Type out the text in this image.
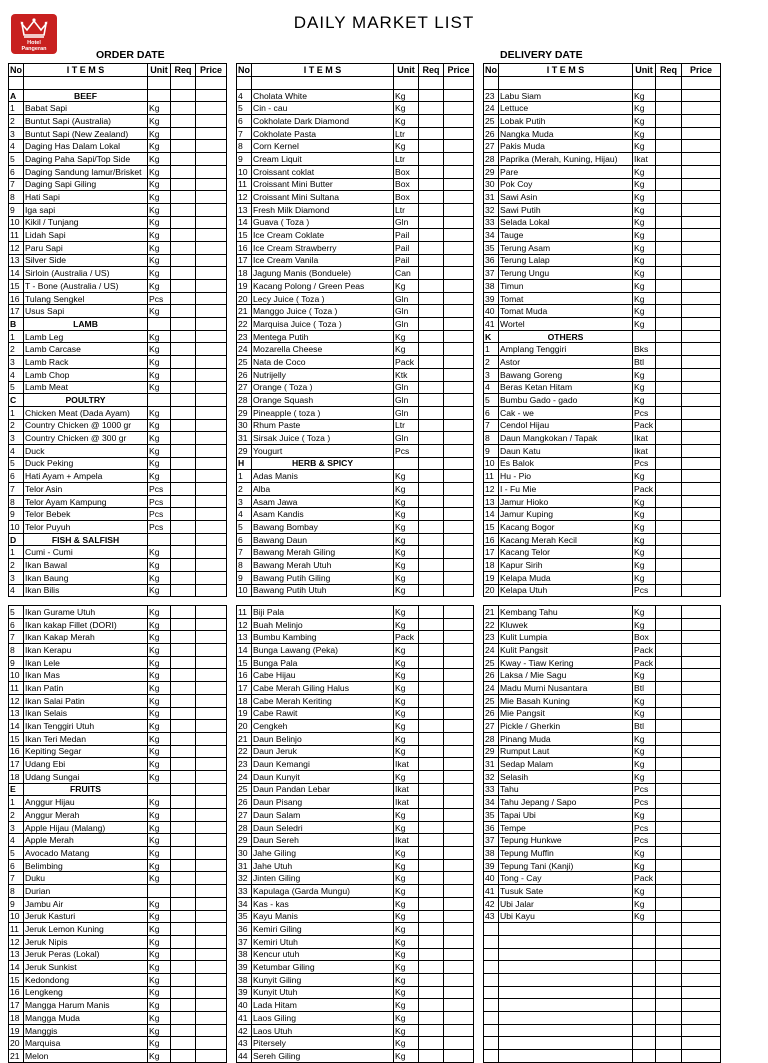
Hotel
Pangeran
DAILY MARKET LIST
ORDER DATE	DELIVERY DATE
No	I T E M S	Unit	Req	Price

A	BEEF			
1	Babat Sapi	Kg		
2	Buntut Sapi (Australia)	Kg		
3	Buntut Sapi (New Zealand)	Kg		
4	Daging Has Dalam Lokal	Kg		
5	Daging Paha Sapi/Top Side	Kg		
6	Daging Sandung lamur/Brisket	Kg		
7	Daging Sapi Giling	Kg		
8	Hati Sapi	Kg		
9	Iga sapi	Kg		
10	Kikil / Tunjang	Kg		
11	Lidah Sapi	Kg		
12	Paru Sapi	Kg		
13	Silver Side	Kg		
14	Sirloin (Australia / US)	Kg		
15	T - Bone (Australia / US)	Kg		
16	Tulang Sengkel	Pcs		
17	Usus Sapi	Kg		
B	LAMB			
1	Lamb Leg	Kg		
2	Lamb Carcase	Kg		
3	Lamb Rack	Kg		
4	Lamb Chop	Kg		
5	Lamb Meat	Kg		
C	POULTRY			
1	Chicken Meat (Dada Ayam)	Kg		
2	Country Chicken @ 1000 gr	Kg		
3	Country Chicken @ 300 gr	Kg		
4	Duck	Kg		
5	Duck Peking	Kg		
6	Hati Ayam + Ampela	Kg		
7	Telor Asin	Pcs		
8	Telor Ayam Kampung	Pcs		
9	Telor Bebek	Pcs		
10	Telor Puyuh	Pcs		
D	FISH & SALFISH			
1	Cumi - Cumi	Kg		
2	Ikan Bawal	Kg		
3	Ikan Baung	Kg		
4	Ikan Bilis	Kg		
No	I T E M S	Unit	Req	Price

4	Cholata White	Kg		
5	Cin - cau	Kg		
6	Cokholate Dark Diamond	Kg		
7	Cokholate Pasta	Ltr		
8	Corn Kernel	Kg		
9	Cream Liquit	Ltr		
10	Croissant coklat	Box		
11	Croissant Mini Butter	Box		
12	Croissant Mini Sultana	Box		
13	Fresh Milk Diamond	Ltr		
14	Guava ( Toza )	Gln		
15	Ice Cream Coklate	Pail		
16	Ice Cream Strawberry	Pail		
17	Ice Cream Vanila	Pail		
18	Jagung Manis (Bonduele)	Can		
19	Kacang Polong / Green Peas	Kg		
20	Lecy Juice ( Toza )	Gln		
21	Manggo Juice ( Toza )	Gln		
22	Marquisa Juice ( Toza )	Gln		
23	Mentega Putih	Kg		
24	Mozarella Cheese	Kg		
25	Nata de Coco	Pack		
26	Nutrijelly	Ktk		
27	Orange ( Toza )	Gln		
28	Orange Squash	Gln		
29	Pineapple ( toza )	Gln		
30	Rhum Paste	Ltr		
31	Sirsak Juice ( Toza )	Gln		
29	Yougurt	Pcs		
H	HERB & SPICY			
1	Adas Manis	Kg		
2	Alba	Kg		
3	Asam Jawa	Kg		
4	Asam Kandis	Kg		
5	Bawang Bombay	Kg		
6	Bawang Daun	Kg		
7	Bawang Merah Giling	Kg		
8	Bawang Merah Utuh	Kg		
9	Bawang Putih Giling	Kg		
10	Bawang Putih Utuh	Kg		
No	I T E M S	Unit	Req	Price

23	Labu Siam	Kg		
24	Lettuce	Kg		
25	Lobak Putih	Kg		
26	Nangka Muda	Kg		
27	Pakis Muda	Kg		
28	Paprika (Merah, Kuning, Hijau)	Ikat		
29	Pare	Kg		
30	Pok Coy	Kg		
31	Sawi Asin	Kg		
32	Sawi Putih	Kg		
33	Selada Lokal	Kg		
34	Tauge	Kg		
35	Terung Asam	Kg		
36	Terung Lalap	Kg		
37	Terung Ungu	Kg		
38	Timun	Kg		
39	Tomat	Kg		
40	Tomat Muda	Kg		
41	Wortel	Kg		
K	OTHERS			
1	Amplang Tenggiri	Bks		
2	Astor	Btl		
3	Bawang Goreng	Kg		
4	Beras Ketan Hitam	Kg		
5	Bumbu Gado - gado	Kg		
6	Cak - we	Pcs		
7	Cendol Hijau	Pack		
8	Daun Mangkokan / Tapak	Ikat		
9	Daun Katu	Ikat		
10	Es Balok	Pcs		
11	Hu - Pio	Kg		
12	I - Fu Mie	Pack		
13	Jamur Hioko	Kg		
14	Jamur Kuping	Kg		
15	Kacang Bogor	Kg		
16	Kacang Merah Kecil	Kg		
17	Kacang Telor	Kg		
18	Kapur Sirih	Kg		
19	Kelapa Muda	Kg		
20	Kelapa Utuh	Pcs		
5	Ikan Gurame Utuh	Kg		
6	Ikan kakap Fillet (DORI)	Kg		
7	Ikan Kakap Merah	Kg		
8	Ikan Kerapu	Kg		
9	Ikan Lele	Kg		
10	Ikan Mas	Kg		
11	Ikan Patin	Kg		
12	Ikan Salai Patin	Kg		
13	Ikan Selais	Kg		
14	Ikan Tenggiri Utuh	Kg		
15	Ikan Teri Medan	Kg		
16	Kepiting Segar	Kg		
17	Udang Ebi	Kg		
18	Udang Sungai	Kg		
E	FRUITS			
1	Anggur Hijau	Kg		
2	Anggur Merah	Kg		
3	Apple Hijau (Malang)	Kg		
4	Apple Merah	Kg		
5	Avocado Matang	Kg		
6	Belimbing	Kg		
7	Duku	Kg		
8	Durian			
9	Jambu Air	Kg		
10	Jeruk Kasturi	Kg		
11	Jeruk Lemon Kuning	Kg		
12	Jeruk Nipis	Kg		
13	Jeruk Peras (Lokal)	Kg		
14	Jeruk Sunkist	Kg		
15	Kedondong	Kg		
16	Lengkeng	Kg		
17	Mangga Harum Manis	Kg		
18	Mangga Muda	Kg		
19	Manggis	Kg		
20	Marquisa	Kg		
21	Melon	Kg		
11	Biji Pala	Kg		
12	Buah Melinjo	Kg		
13	Bumbu Kambing	Pack		
14	Bunga Lawang (Peka)	Kg		
15	Bunga Pala	Kg		
16	Cabe Hijau	Kg		
17	Cabe Merah Giling Halus	Kg		
18	Cabe Merah Keriting	Kg		
19	Cabe Rawit	Kg		
20	Cengkeh	Kg		
21	Daun Belinjo	Kg		
22	Daun Jeruk	Kg		
23	Daun Kemangi	Ikat		
24	Daun Kunyit	Kg		
25	Daun Pandan Lebar	Ikat		
26	Daun Pisang	Ikat		
27	Daun Salam	Kg		
28	Daun Seledri	Kg		
29	Daun Sereh	Ikat		
30	Jahe Giling	Kg		
31	Jahe Utuh	Kg		
32	Jinten Giling	Kg		
33	Kapulaga (Garda Mungu)	Kg		
34	Kas - kas	Kg		
35	Kayu Manis	Kg		
36	Kemiri Giling	Kg		
37	Kemiri Utuh	Kg		
38	Kencur utuh	Kg		
39	Ketumbar Giling	Kg		
38	Kunyit Giling	Kg		
39	Kunyit Utuh	Kg		
40	Lada Hitam	Kg		
41	Laos Giling	Kg		
42	Laos Utuh	Kg		
43	Pitersely	Kg		
44	Sereh Giling	Kg		
21	Kembang Tahu	Kg		
22	Kluwek	Kg		
23	Kulit Lumpia	Box		
24	Kulit Pangsit	Pack		
25	Kway - Tiaw Kering	Pack		
26	Laksa / Mie Sagu	Kg		
24	Madu Murni Nusantara	Btl		
25	Mie Basah Kuning	Kg		
26	Mie Pangsit	Kg		
27	Pickle / Gherkin	Btl		
28	Pinang Muda	Kg		
29	Rumput Laut	Kg		
31	Sedap Malam	Kg		
32	Selasih	Kg		
33	Tahu	Pcs		
34	Tahu Jepang / Sapo	Pcs		
35	Tapai Ubi	Kg		
36	Tempe	Pcs		
37	Tepung Hunkwe	Pcs		
38	Tepung Muffin	Kg		
39	Tepung Tani (Kanji)	Kg		
40	Tong - Cay	Pack		
41	Tusuk Sate	Kg		
42	Ubi Jalar	Kg		
43	Ubi Kayu	Kg		
